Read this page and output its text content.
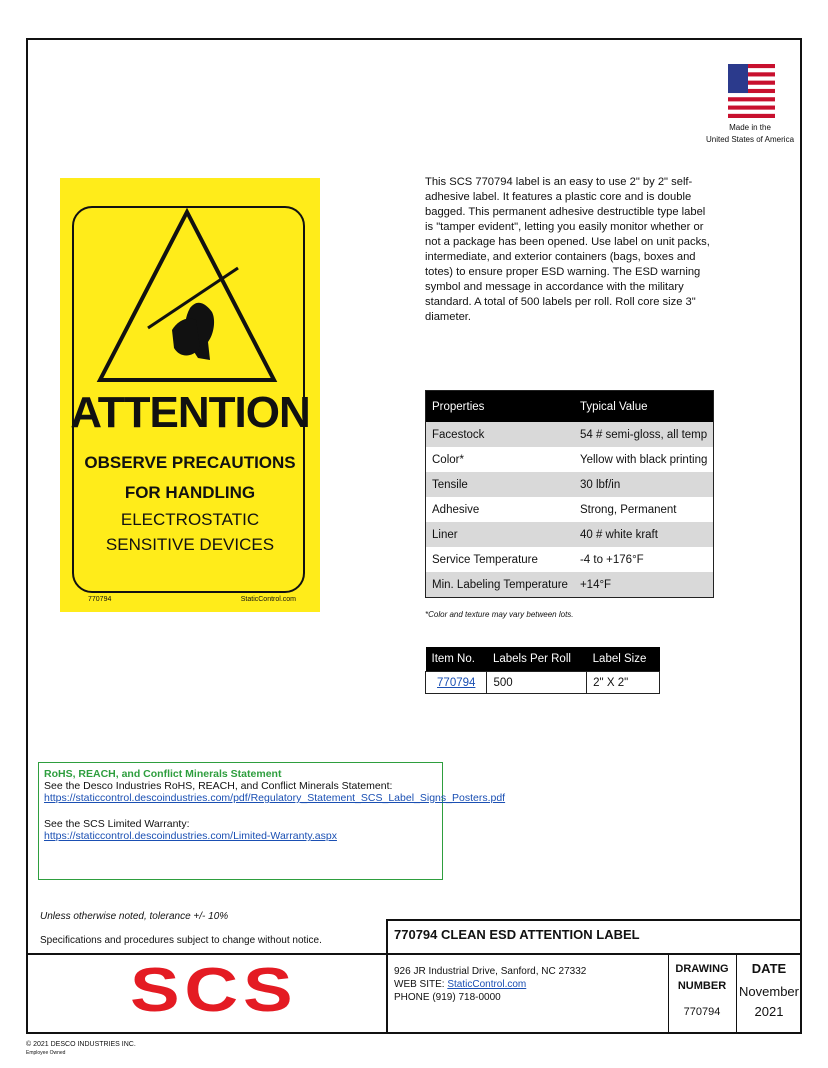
Made in the
United States of America
ATTENTION
OBSERVE PRECAUTIONS
FOR HANDLING
ELECTROSTATIC
SENSITIVE DEVICES
770794	StaticControl.com
This SCS 770794 label is an easy to use 2" by 2" self-adhesive label. It features a plastic core and is double bagged. This permanent adhesive destructible type label is "tamper evident", letting you easily monitor whether or not a package has been opened. Use label on unit packs, intermediate, and exterior containers (bags, boxes and totes) to ensure proper ESD warning. The ESD warning symbol and message in accordance with the military standard. A total of 500 labels per roll. Roll core size 3" diameter.
Properties	Typical Value
Facestock	54 # semi-gloss, all temp
Color*	Yellow with black printing
Tensile	30 lbf/in
Adhesive	Strong, Permanent
Liner	40 # white kraft
Service Temperature	-4 to +176°F
Min. Labeling Temperature	+14°F
*Color and texture may vary between lots.
Item No.	Labels Per Roll	Label Size
770794	500	2" X 2"
RoHS, REACH, and Conflict Minerals Statement
See the Desco Industries RoHS, REACH, and Conflict Minerals Statement:
https://staticcontrol.descoindustries.com/pdf/Regulatory_Statement_SCS_Label_Signs_Posters.pdf
See the SCS Limited Warranty:
https://staticcontrol.descoindustries.com/Limited-Warranty.aspx
Unless otherwise noted, tolerance +/- 10%
Specifications and procedures subject to change without notice.	770794 CLEAN ESD ATTENTION LABEL
SCS	926 JR Industrial Drive, Sanford, NC 27332
WEB SITE: StaticControl.com
PHONE (919) 718-0000
DRAWING
NUMBER
770794
DATE
November
2021
© 2021 DESCO INDUSTRIES INC.
Employee Owned
